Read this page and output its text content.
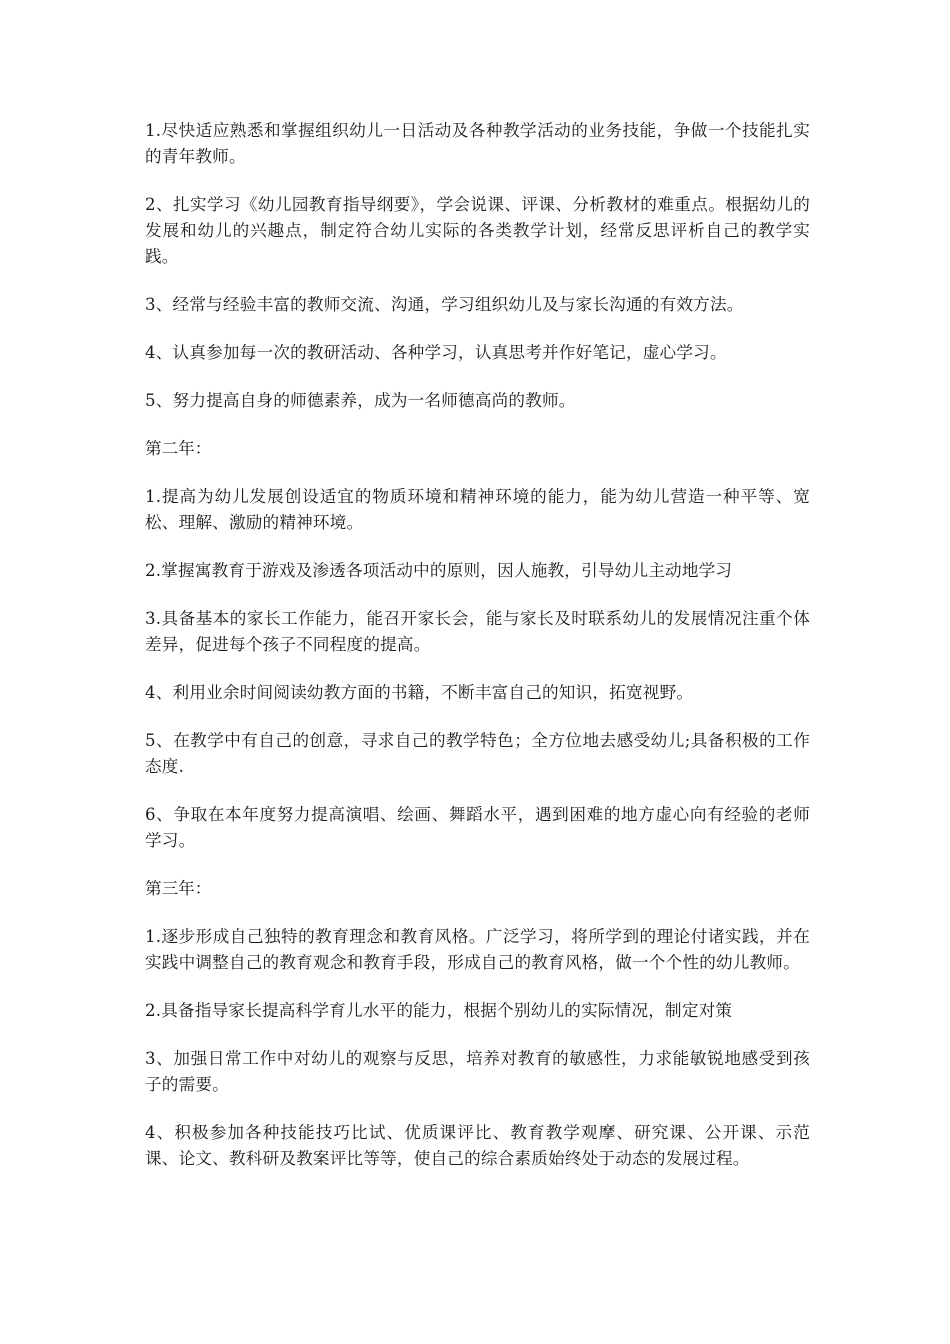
1.尽快适应熟悉和掌握组织幼儿一日活动及各种教学活动的业务技能，争做一个技能扎实的青年教师。

2、扎实学习《幼儿园教育指导纲要》，学会说课、评课、分析教材的难重点。根据幼儿的发展和幼儿的兴趣点，制定符合幼儿实际的各类教学计划，经常反思评析自己的教学实践。

3、经常与经验丰富的教师交流、沟通，学习组织幼儿及与家长沟通的有效方法。

4、认真参加每一次的教研活动、各种学习，认真思考并作好笔记，虚心学习。

5、努力提高自身的师德素养，成为一名师德高尚的教师。

第二年：

1.提高为幼儿发展创设适宜的物质环境和精神环境的能力，能为幼儿营造一种平等、宽松、理解、激励的精神环境。

2.掌握寓教育于游戏及渗透各项活动中的原则，因人施教，引导幼儿主动地学习

3.具备基本的家长工作能力，能召开家长会，能与家长及时联系幼儿的发展情况注重个体差异，促进每个孩子不同程度的提高。

4、利用业余时间阅读幼教方面的书籍，不断丰富自己的知识，拓宽视野。

5、在教学中有自己的创意，寻求自己的教学特色；全方位地去感受幼儿;具备积极的工作态度.

6、争取在本年度努力提高演唱、绘画、舞蹈水平，遇到困难的地方虚心向有经验的老师学习。

第三年：

1.逐步形成自己独特的教育理念和教育风格。广泛学习，将所学到的理论付诸实践，并在实践中调整自己的教育观念和教育手段，形成自己的教育风格，做一个个性的幼儿教师。

2.具备指导家长提高科学育儿水平的能力，根据个别幼儿的实际情况，制定对策

3、加强日常工作中对幼儿的观察与反思，培养对教育的敏感性，力求能敏锐地感受到孩子的需要。

4、积极参加各种技能技巧比试、优质课评比、教育教学观摩、研究课、公开课、示范课、论文、教科研及教案评比等等，使自己的综合素质始终处于动态的发展过程。
